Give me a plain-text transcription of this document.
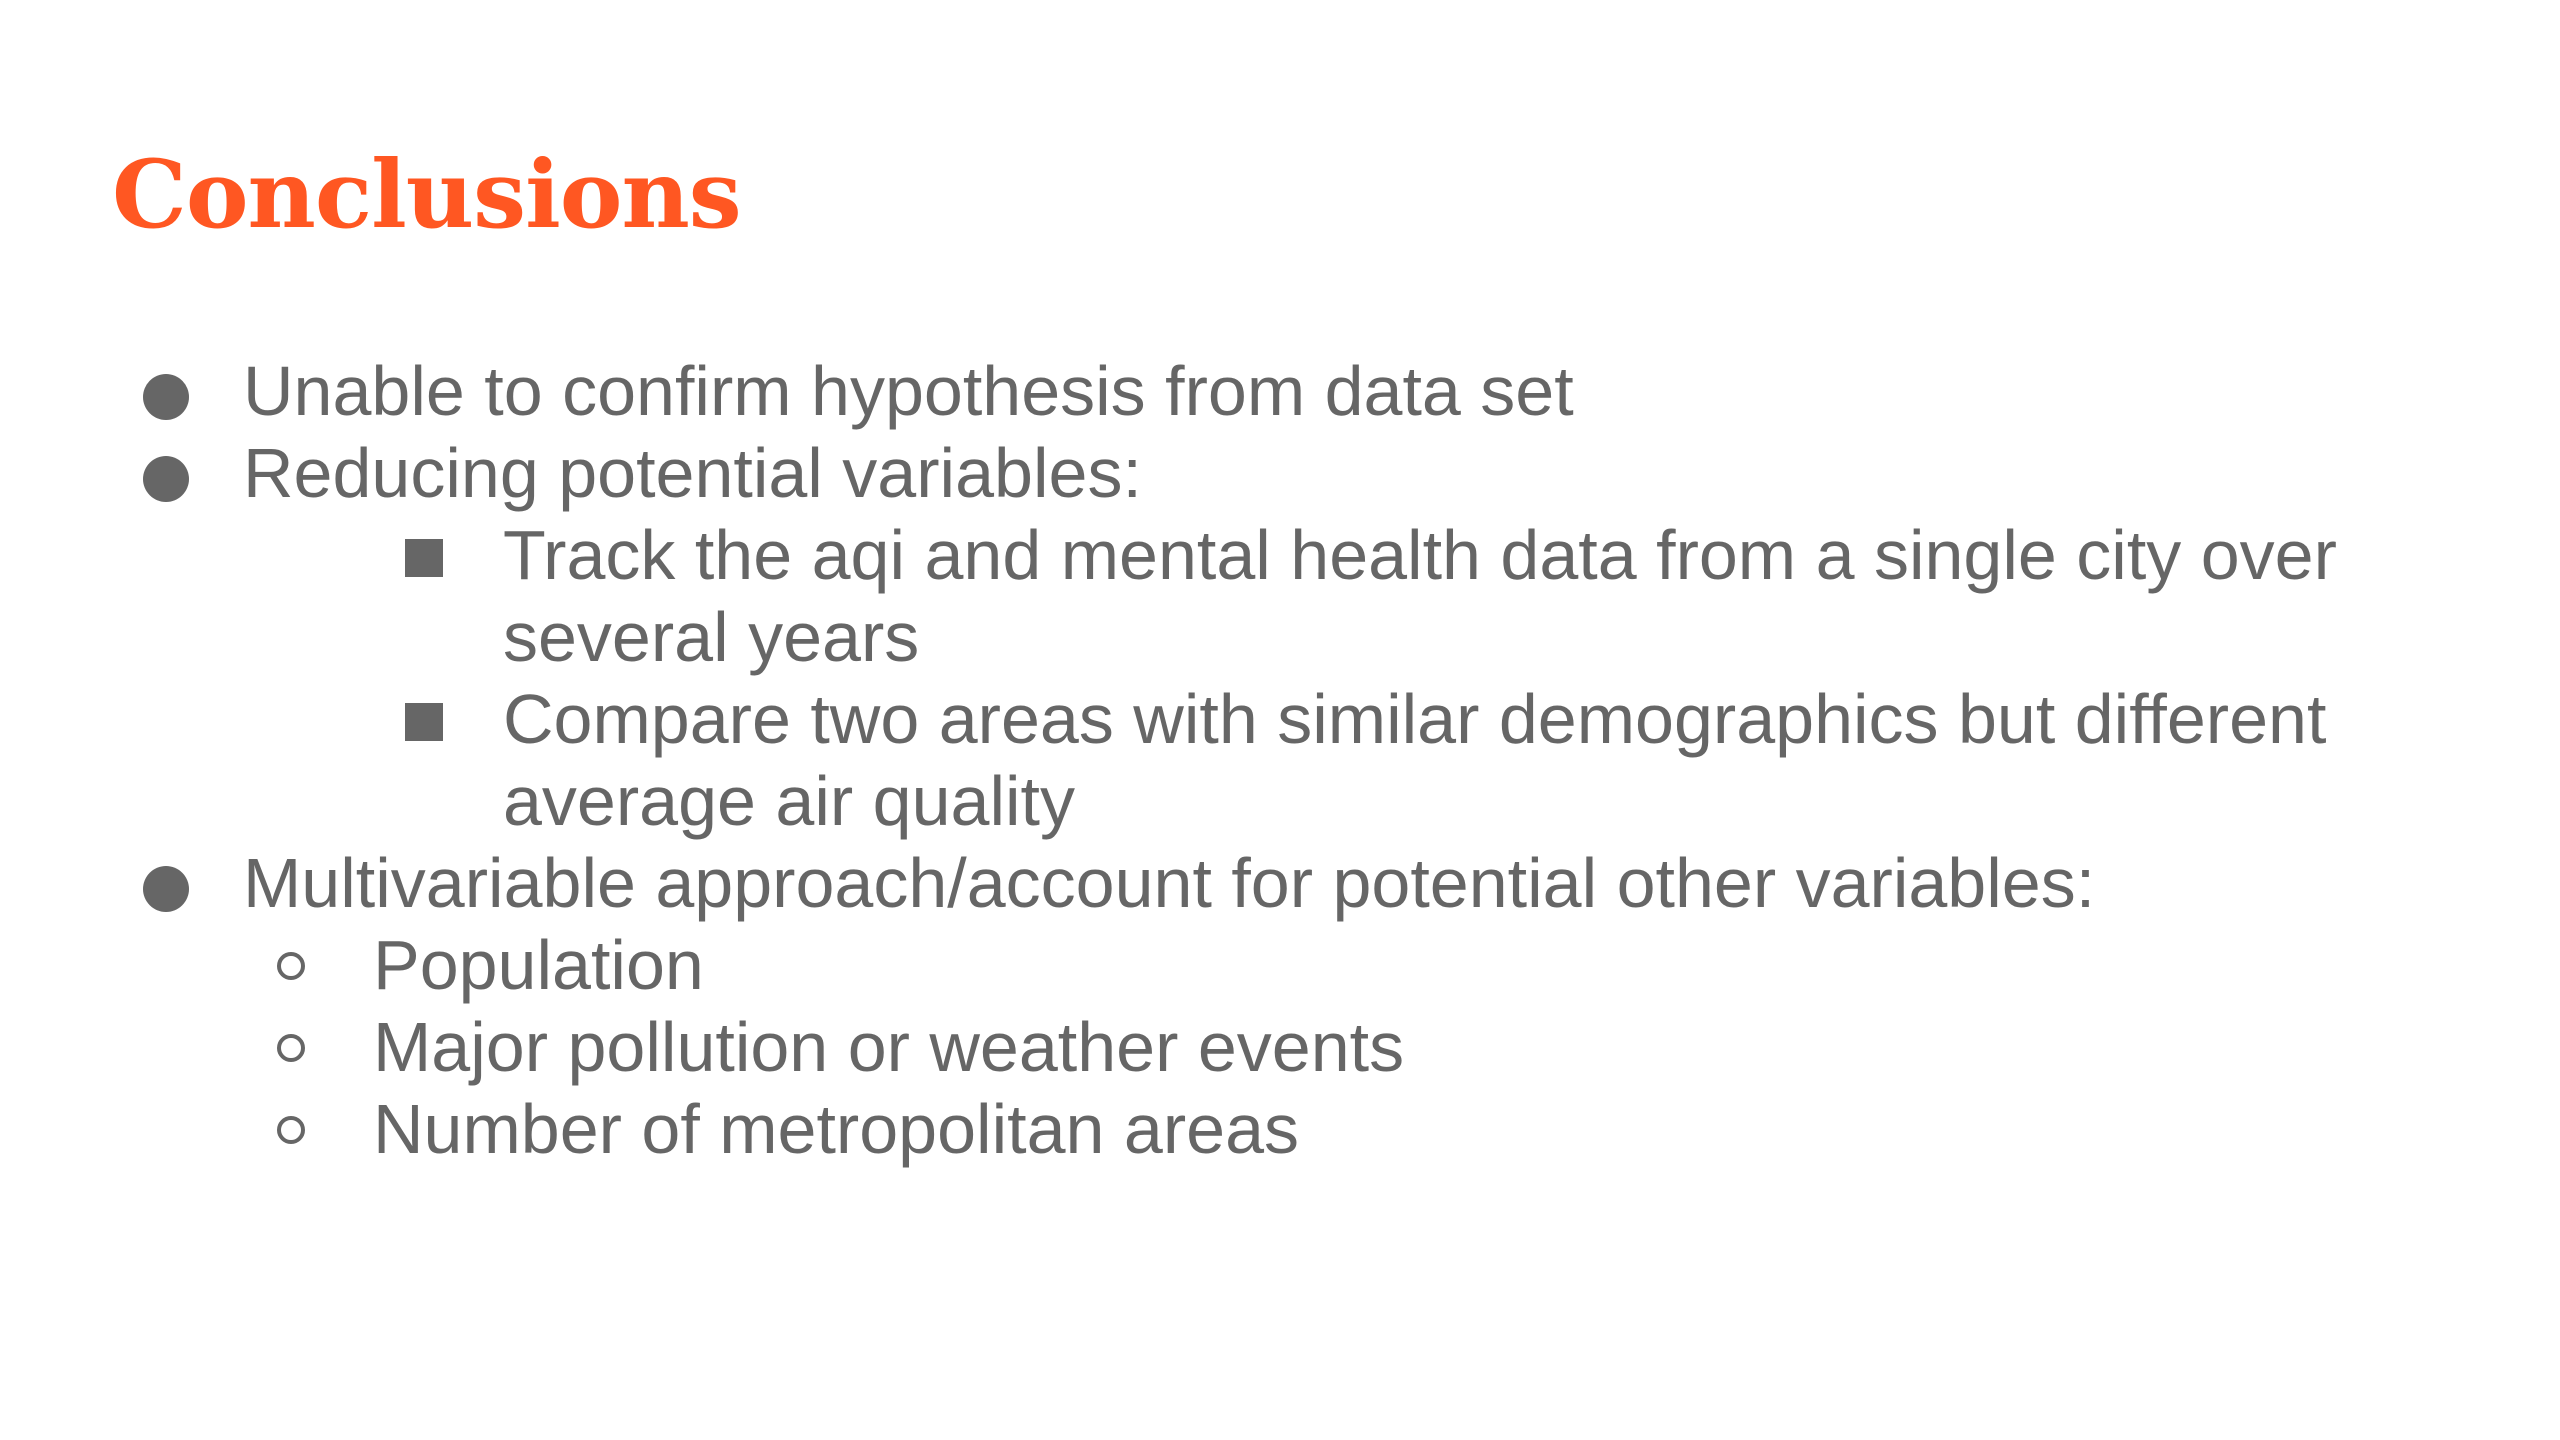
Conclusions
Unable to confirm hypothesis from data set
Reducing potential variables:
Track the aqi and mental health data from a single city over several years
Compare two areas with similar demographics but different average air quality
Multivariable approach/account for potential other variables:
Population
Major pollution or weather events
Number of metropolitan areas
